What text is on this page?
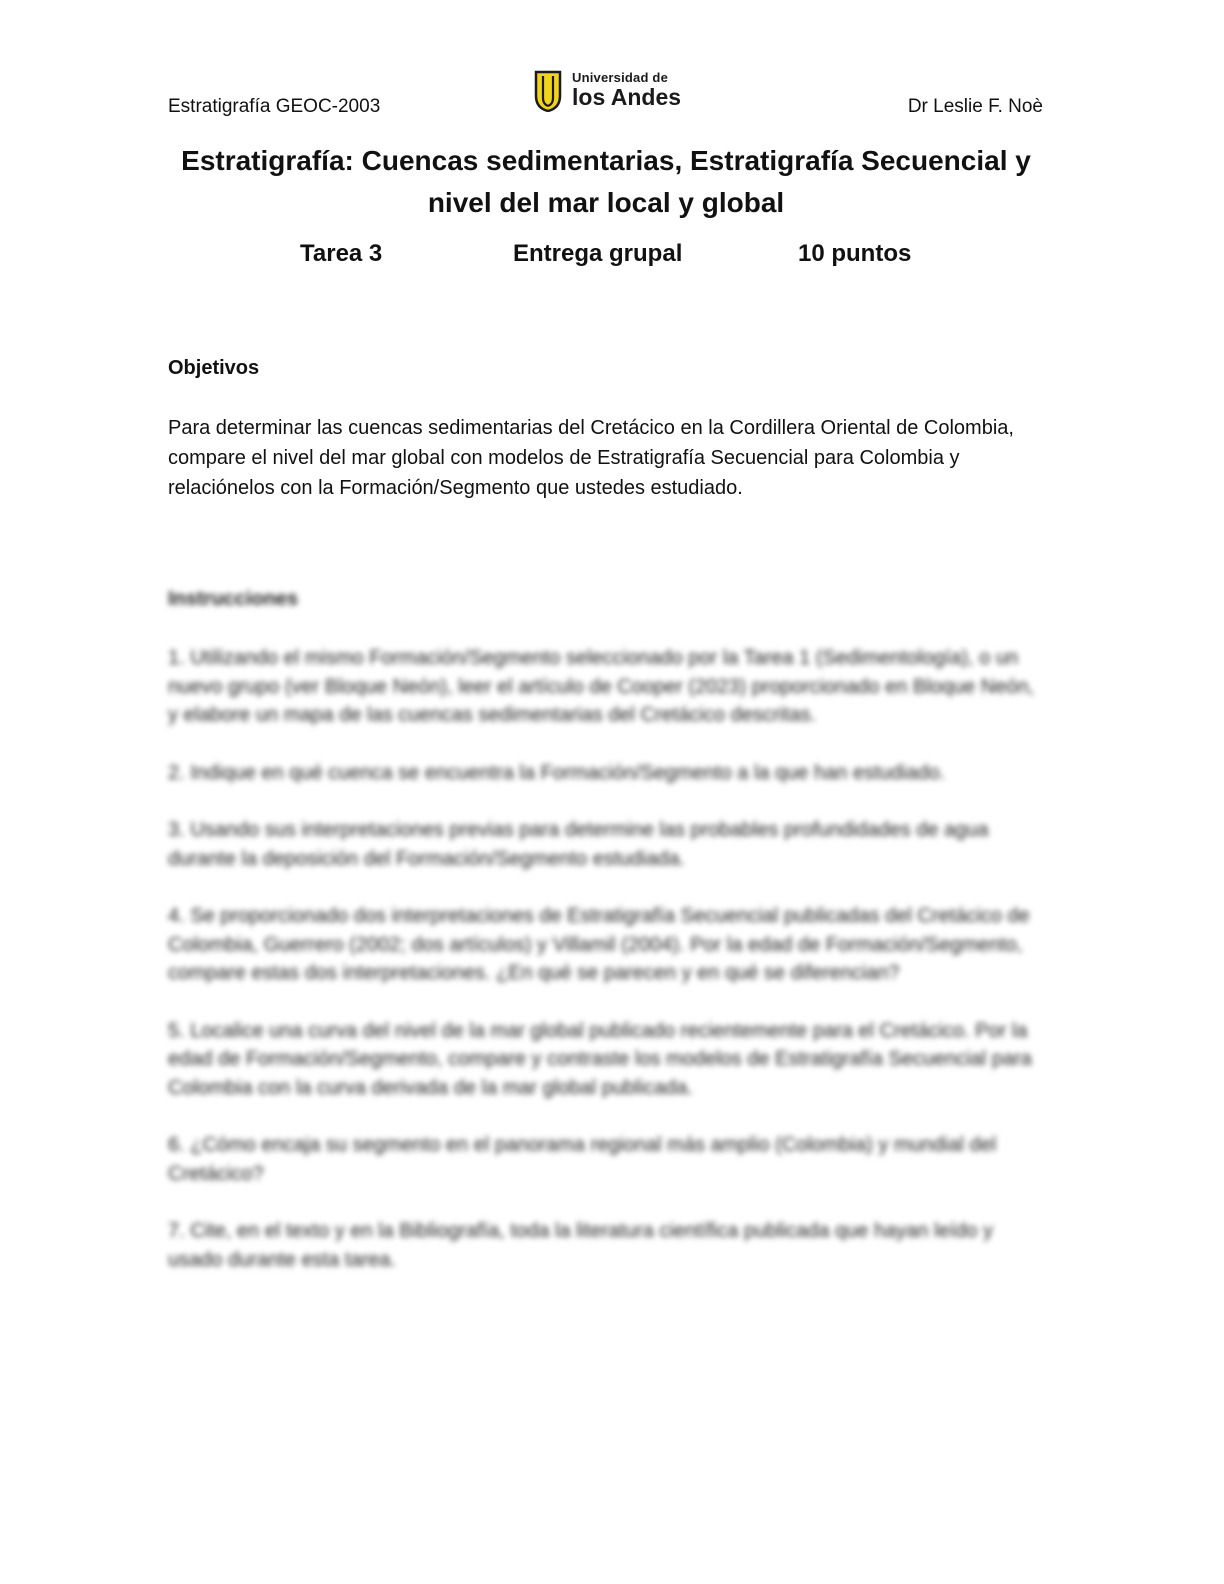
Estratigrafía GEOC-2003
Universidad de
los Andes	Dr Leslie F. Noè
Estratigrafía: Cuencas sedimentarias, Estratigrafía Secuencial y
nivel del mar local y global
Tarea 3	Entrega grupal	10 puntos
Objetivos
Para determinar las cuencas sedimentarias del Cretácico en la Cordillera Oriental de Colombia, compare el nivel del mar global con modelos de Estratigrafía Secuencial para Colombia y relaciónelos con la Formación/Segmento que ustedes estudiado.
Instrucciones
1. Utilizando el mismo Formación/Segmento seleccionado por la Tarea 1 (Sedimentología), o un nuevo grupo (ver Bloque Neón), leer el artículo de Cooper (2023) proporcionado en Bloque Neón, y elabore un mapa de las cuencas sedimentarias del Cretácico descritas.
2. Indique en qué cuenca se encuentra la Formación/Segmento a la que han estudiado.
3. Usando sus interpretaciones previas para determine las probables profundidades de agua durante la deposición del Formación/Segmento estudiada.
4. Se proporcionado dos interpretaciones de Estratigrafía Secuencial publicadas del Cretácico de Colombia, Guerrero (2002; dos artículos) y Villamil (2004). Por la edad de Formación/Segmento, compare estas dos interpretaciones. ¿En qué se parecen y en qué se diferencian?
5. Localice una curva del nivel de la mar global publicado recientemente para el Cretácico. Por la edad de Formación/Segmento, compare y contraste los modelos de Estratigrafía Secuencial para Colombia con la curva derivada de la mar global publicada.
6. ¿Cómo encaja su segmento en el panorama regional más amplio (Colombia) y mundial del Cretácico?
7. Cite, en el texto y en la Bibliografía, toda la literatura científica publicada que hayan leído y usado durante esta tarea.
